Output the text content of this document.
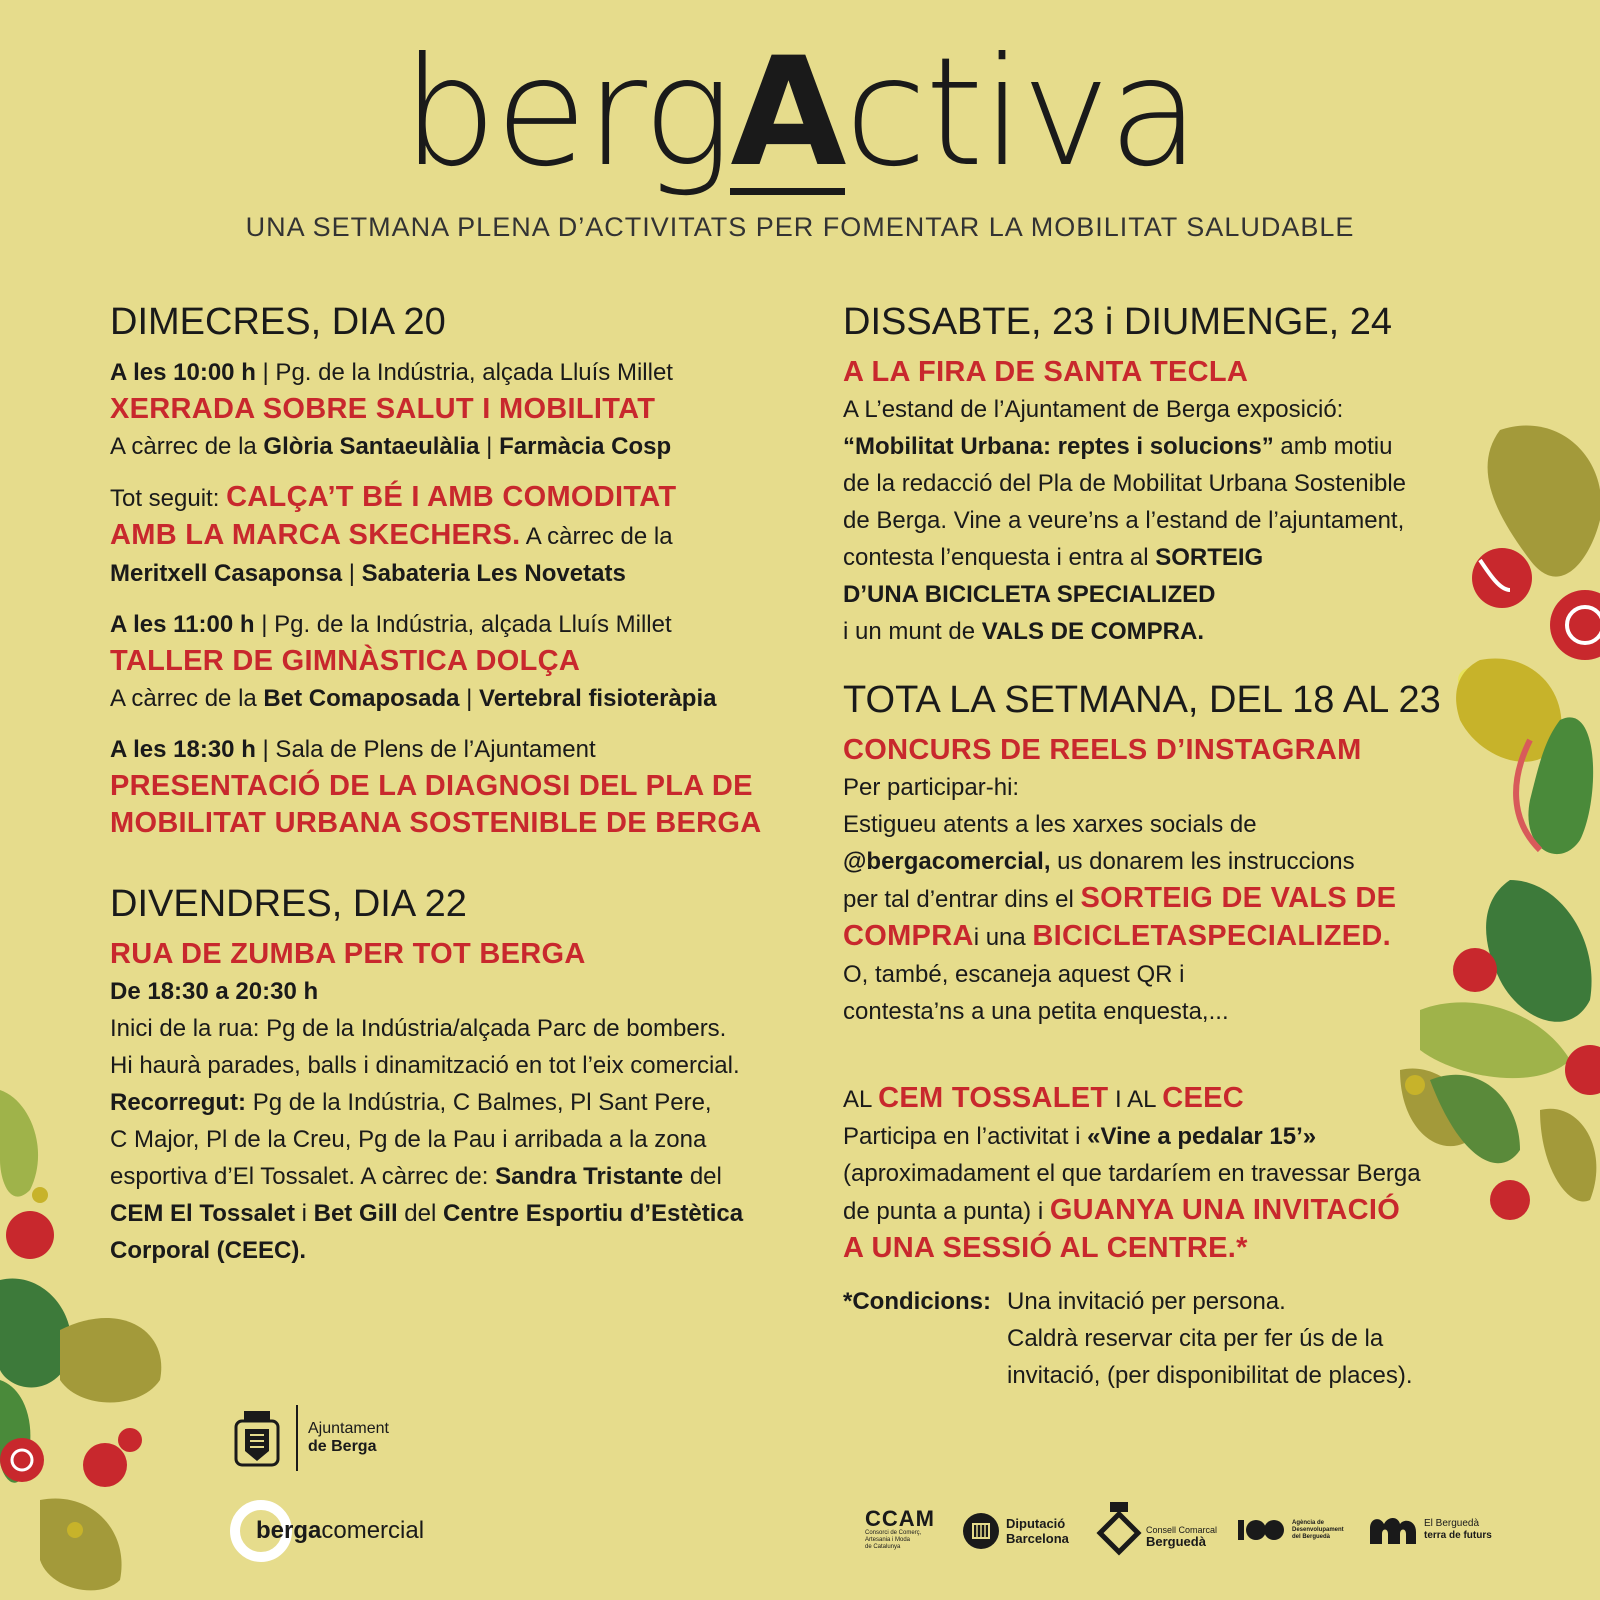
bergActiva
UNA SETMANA PLENA D’ACTIVITATS PER FOMENTAR LA MOBILITAT SALUDABLE
DIMECRES, DIA 20

A les 10:00 h | Pg. de la Indústria, alçada Lluís Millet

XERRADA SOBRE SALUT I MOBILITAT

A càrrec de la Glòria Santaeulàlia | Farmàcia Cosp

Tot seguit: CALÇA’T BÉ I AMB COMODITAT

AMB LA MARCA SKECHERS. A càrrec de la

Meritxell Casaponsa | Sabateria Les Novetats

A les 11:00 h | Pg. de la Indústria, alçada Lluís Millet

TALLER DE GIMNÀSTICA DOLÇA

A càrrec de la Bet Comaposada | Vertebral fisioteràpia

A les 18:30 h | Sala de Plens de l’Ajuntament

PRESENTACIÓ DE LA DIAGNOSI DEL PLA DE

MOBILITAT URBANA SOSTENIBLE DE BERGA

DIVENDRES, DIA 22

RUA DE ZUMBA PER TOT BERGA

De 18:30 a 20:30 h

Inici de la rua: Pg de la Indústria/alçada Parc de bombers.

Hi haurà parades, balls i dinamització en tot l’eix comercial.

Recorregut: Pg de la Indústria, C Balmes, Pl Sant Pere,

C Major, Pl de la Creu, Pg de la Pau i arribada a la zona

esportiva d’El Tossalet. A càrrec de: Sandra Tristante del

CEM El Tossalet i Bet Gill del Centre Esportiu d’Estètica

Corporal (CEEC).

DISSABTE, 23 i DIUMENGE, 24

A LA FIRA DE SANTA TECLA

A L’estand de l’Ajuntament de Berga exposició:

“Mobilitat Urbana: reptes i solucions” amb motiu

de la redacció del Pla de Mobilitat Urbana Sostenible

de Berga. Vine a veure’ns a l’estand de l’ajuntament,

contesta l’enquesta i entra al SORTEIG

D’UNA BICICLETA SPECIALIZED

i un munt de VALS DE COMPRA.

TOTA LA SETMANA, DEL 18 AL 23

CONCURS DE REELS D’INSTAGRAM

Per participar-hi:

Estigueu atents a les xarxes socials de

@bergacomercial, us donarem les instruccions

per tal d’entrar dins el SORTEIG DE VALS DE

COMPRAi una BICICLETASPECIALIZED.

O, també, escaneja aquest QR i

contesta’ns a una petita enquesta,...

AL CEM TOSSALET I AL CEEC

Participa en l’activitat i «Vine a pedalar 15’»

(aproximadament el que tardaríem en travessar Berga

de punta a punta) i GUANYA UNA INVITACIÓ

A UNA SESSIÓ AL CENTRE.*

*Condicions: Una invitació per persona.

Caldrà reservar cita per fer ús de la

invitació, (per disponibilitat de places).

Ajuntament
de Berga
bergacomercial	CCAM
Consorci de Comerç,
Artesania i Moda
de Catalunya
Diputació
Barcelona
Consell Comarcal
Berguedà
Agència de
Desenvolupament
del Berguedà
El Berguedà
terra de futurs
